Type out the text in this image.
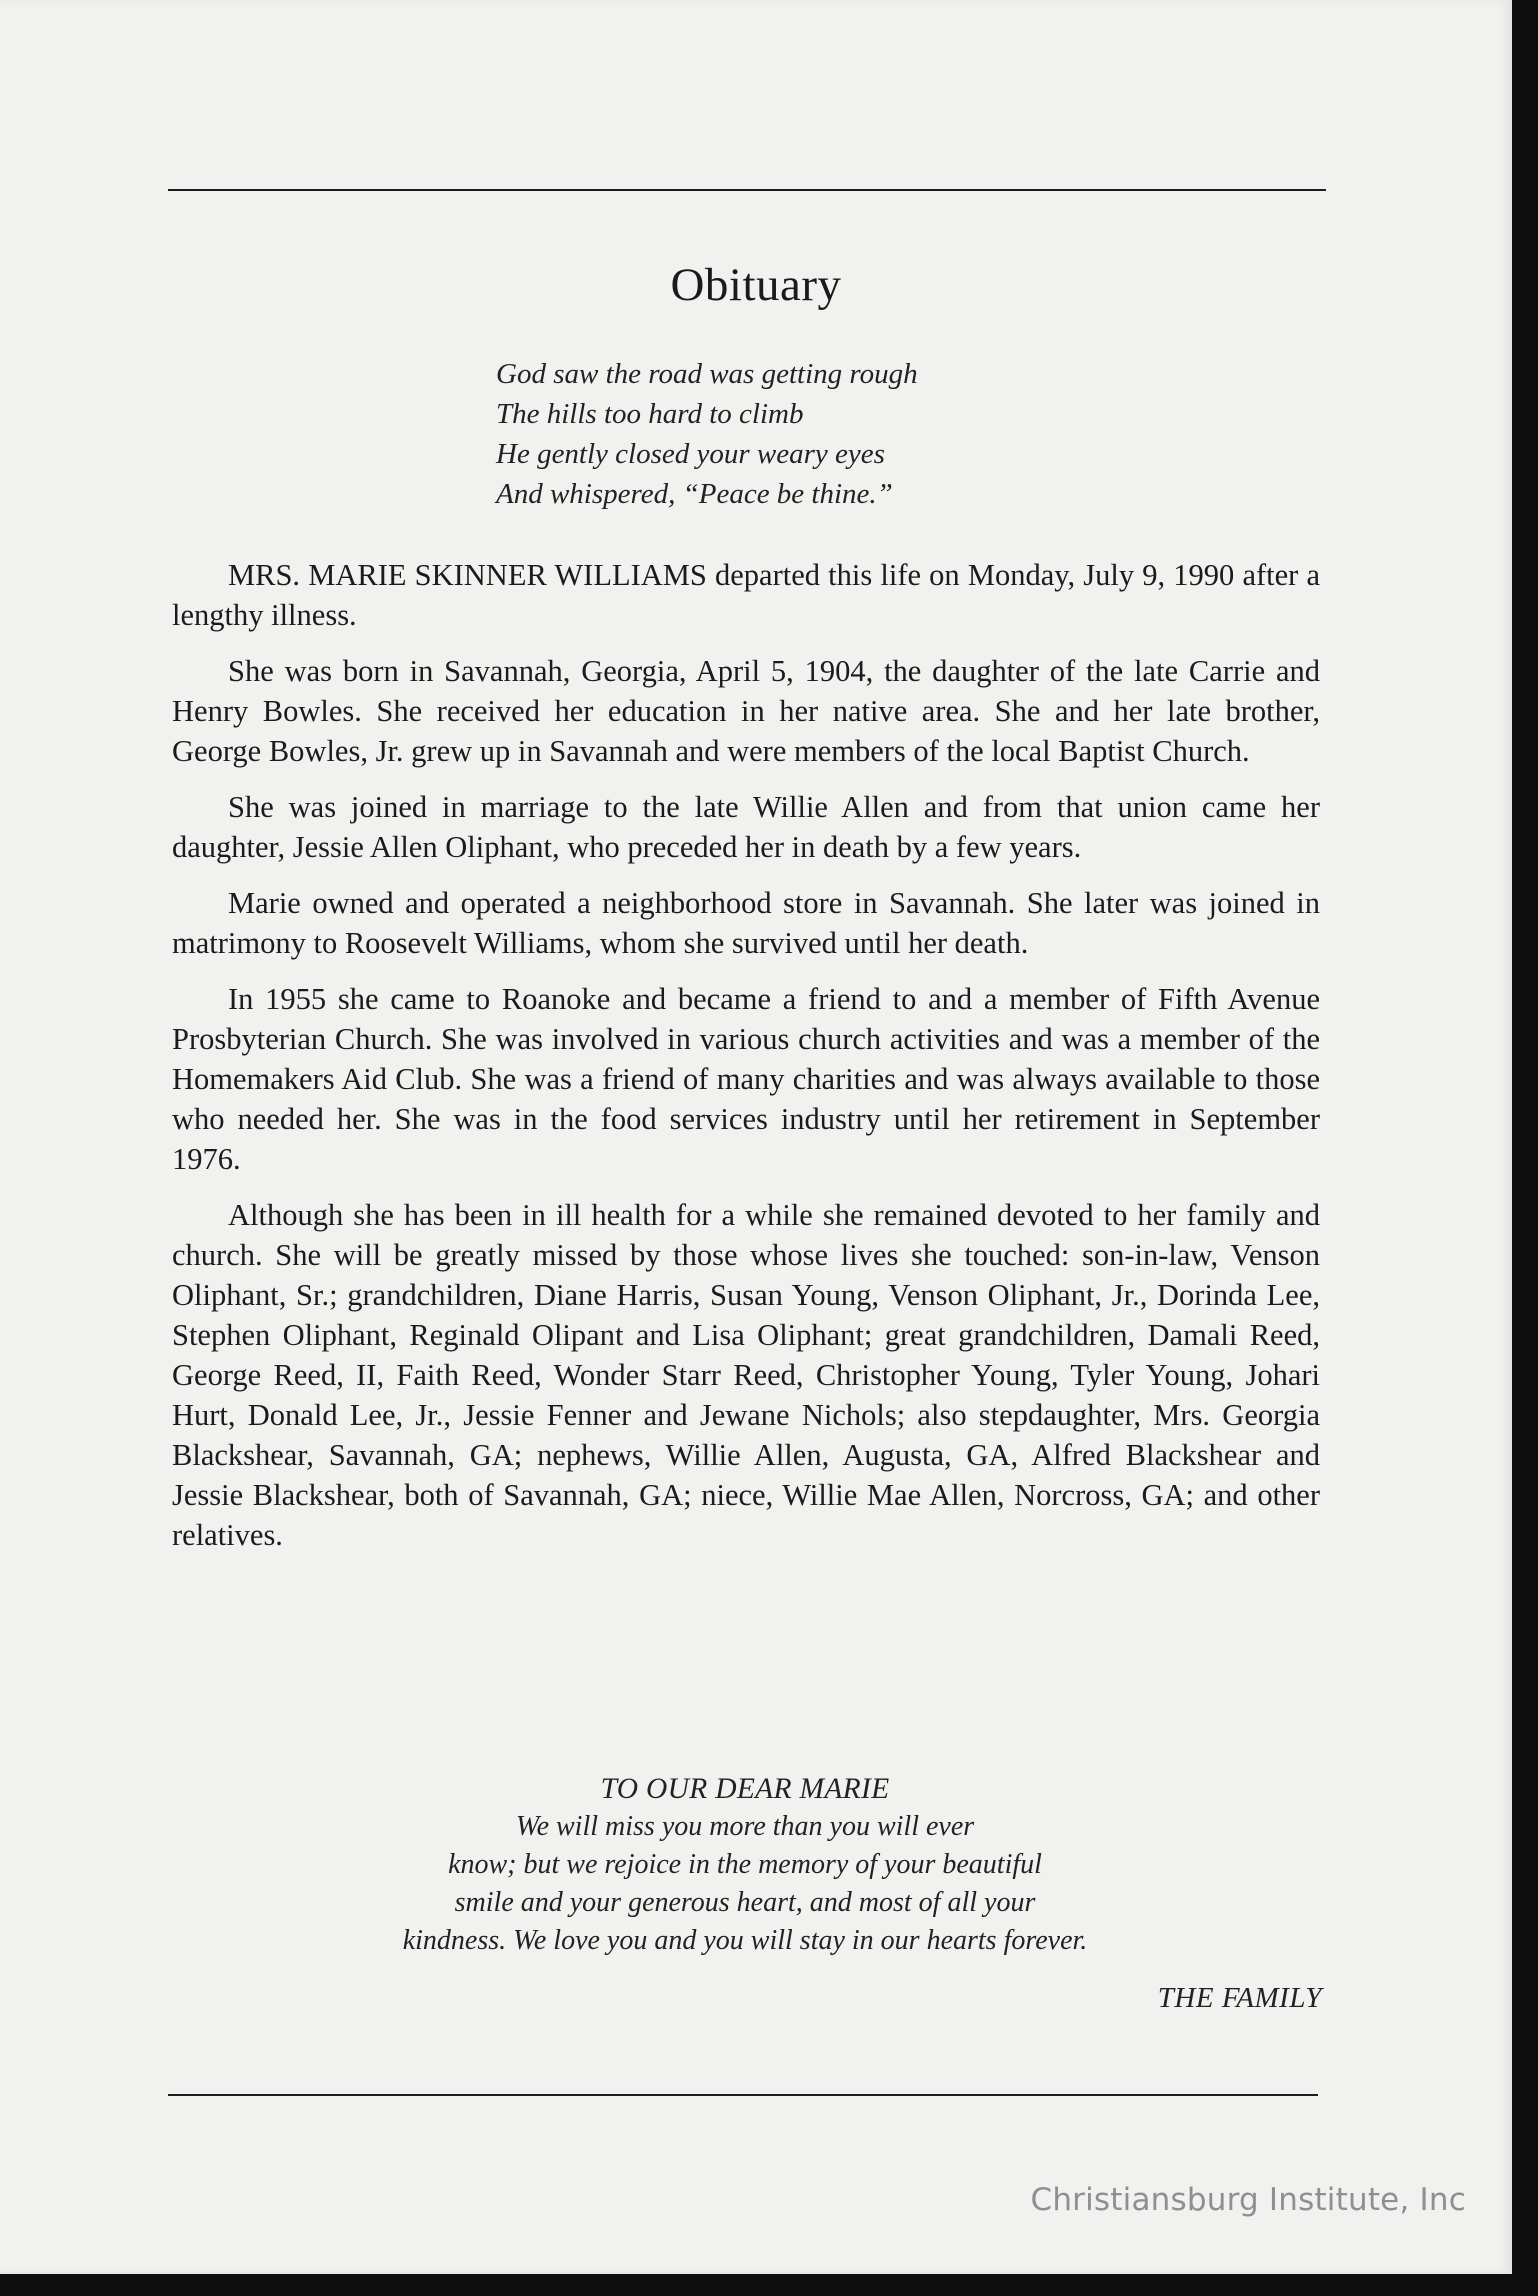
Obituary
God saw the road was getting rough
The hills too hard to climb
He gently closed your weary eyes
And whispered, “Peace be thine.”

MRS. MARIE SKINNER WILLIAMS departed this life on Monday, July 9, 1990 after a lengthy illness.

She was born in Savannah, Georgia, April 5, 1904, the daughter of the late Carrie and Henry Bowles. She received her education in her native area. She and her late brother, George Bowles, Jr. grew up in Savannah and were members of the local Baptist Church.

She was joined in marriage to the late Willie Allen and from that union came her daughter, Jessie Allen Oliphant, who preceded her in death by a few years.

Marie owned and operated a neighborhood store in Savannah. She later was joined in matrimony to Roosevelt Williams, whom she survived until her death.

In 1955 she came to Roanoke and became a friend to and a member of Fifth Avenue Prosbyterian Church. She was involved in various church activities and was a member of the Homemakers Aid Club. She was a friend of many charities and was always available to those who needed her. She was in the food services industry until her retirement in September 1976.

Although she has been in ill health for a while she remained devoted to her family and church. She will be greatly missed by those whose lives she touched: son-in-law, Venson Oliphant, Sr.; grandchildren, Diane Harris, Susan Young, Venson Oliphant, Jr., Dorinda Lee, Stephen Oliphant, Reginald Olipant and Lisa Oliphant; great grandchildren, Damali Reed, George Reed, II, Faith Reed, Wonder Starr Reed, Christopher Young, Tyler Young, Johari Hurt, Donald Lee, Jr., Jessie Fenner and Jewane Nichols; also stepdaughter, Mrs. Georgia Blackshear, Savannah, GA; nephews, Willie Allen, Augusta, GA, Alfred Blackshear and Jessie Blackshear, both of Savannah, GA; niece, Willie Mae Allen, Norcross, GA; and other relatives.

TO OUR DEAR MARIE
We will miss you more than you will ever
know; but we rejoice in the memory of your beautiful
smile and your generous heart, and most of all your
kindness. We love you and you will stay in our hearts forever.
THE FAMILY
Christiansburg Institute, Inc
